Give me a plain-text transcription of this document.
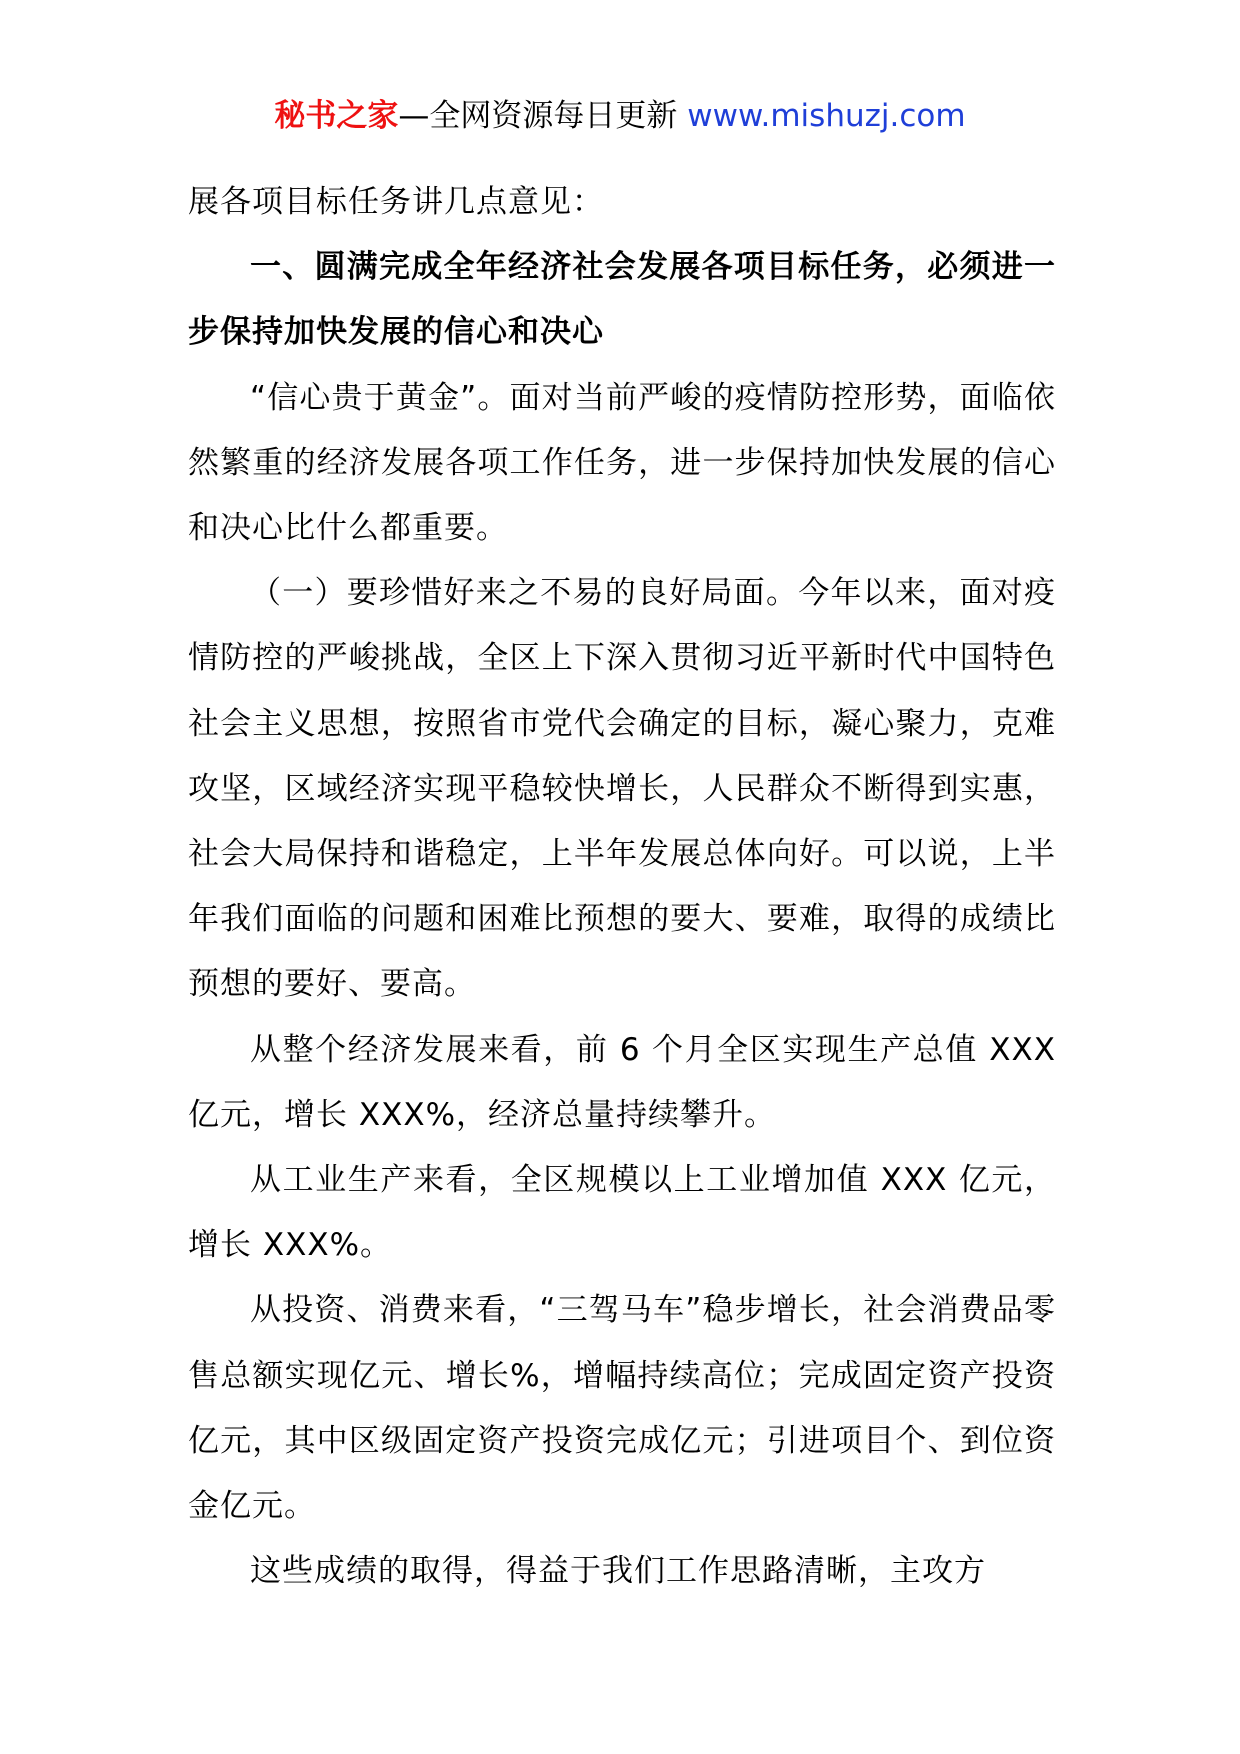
秘书之家—全网资源每日更新 www.mishuzj.com

展各项目标任务讲几点意见：

一、圆满完成全年经济社会发展各项目标任务，必须进一步保持加快发展的信心和决心

“信心贵于黄金”。面对当前严峻的疫情防控形势，面临依然繁重的经济发展各项工作任务，进一步保持加快发展的信心和决心比什么都重要。

（一）要珍惜好来之不易的良好局面。今年以来，面对疫情防控的严峻挑战，全区上下深入贯彻习近平新时代中国特色社会主义思想，按照省市党代会确定的目标，凝心聚力，克难攻坚，区域经济实现平稳较快增长，人民群众不断得到实惠，社会大局保持和谐稳定，上半年发展总体向好。可以说，上半年我们面临的问题和困难比预想的要大、要难，取得的成绩比预想的要好、要高。

从整个经济发展来看，前 6 个月全区实现生产总值 XXX 亿元，增长 XXX%，经济总量持续攀升。

从工业生产来看，全区规模以上工业增加值 XXX 亿元，增长 XXX%。

从投资、消费来看，“三驾马车”稳步增长，社会消费品零售总额实现亿元、增长%，增幅持续高位；完成固定资产投资亿元，其中区级固定资产投资完成亿元；引进项目个、到位资金亿元。

这些成绩的取得，得益于我们工作思路清晰，主攻方
